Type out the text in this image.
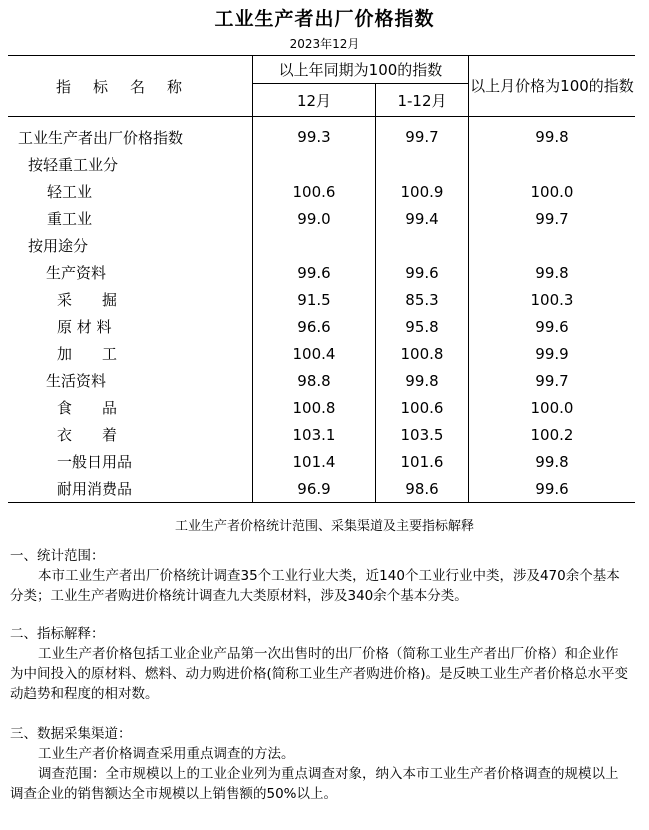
工业生产者出厂价格指数
2023年12月
指标名称	以上年同期为100的指数		以上月价格为100的指数
	12月	1-12月	
工业生产者出厂价格指数	99.3	99.7	99.8
按轻重工业分			
轻工业	100.6	100.9	100.0
重工业	99.0	99.4	99.7
按用途分			
生产资料	99.6	99.6	99.8
采　　掘	91.5	85.3	100.3
原 材 料	96.6	95.8	99.6
加　　工	100.4	100.8	99.9
生活资料	98.8	99.8	99.7
食　　品	100.8	100.6	100.0
衣　　着	103.1	103.5	100.2
一般日用品	101.4	101.6	99.8
耐用消费品	96.9	98.6	99.6
工业生产者价格统计范围、采集渠道及主要指标解释

一、统计范围：

本市工业生产者出厂价格统计调查35个工业行业大类，近140个工业行业中类，涉及470余个基本分类；工业生产者购进价格统计调查九大类原材料，涉及340余个基本分类。

二、指标解释：

工业生产者价格包括工业企业产品第一次出售时的出厂价格（简称工业生产者出厂价格）和企业作为中间投入的原材料、燃料、动力购进价格(简称工业生产者购进价格)。是反映工业生产者价格总水平变动趋势和程度的相对数。

三、数据采集渠道：

工业生产者价格调查采用重点调查的方法。

调查范围：全市规模以上的工业企业列为重点调查对象，纳入本市工业生产者价格调查的规模以上调查企业的销售额达全市规模以上销售额的50%以上。
